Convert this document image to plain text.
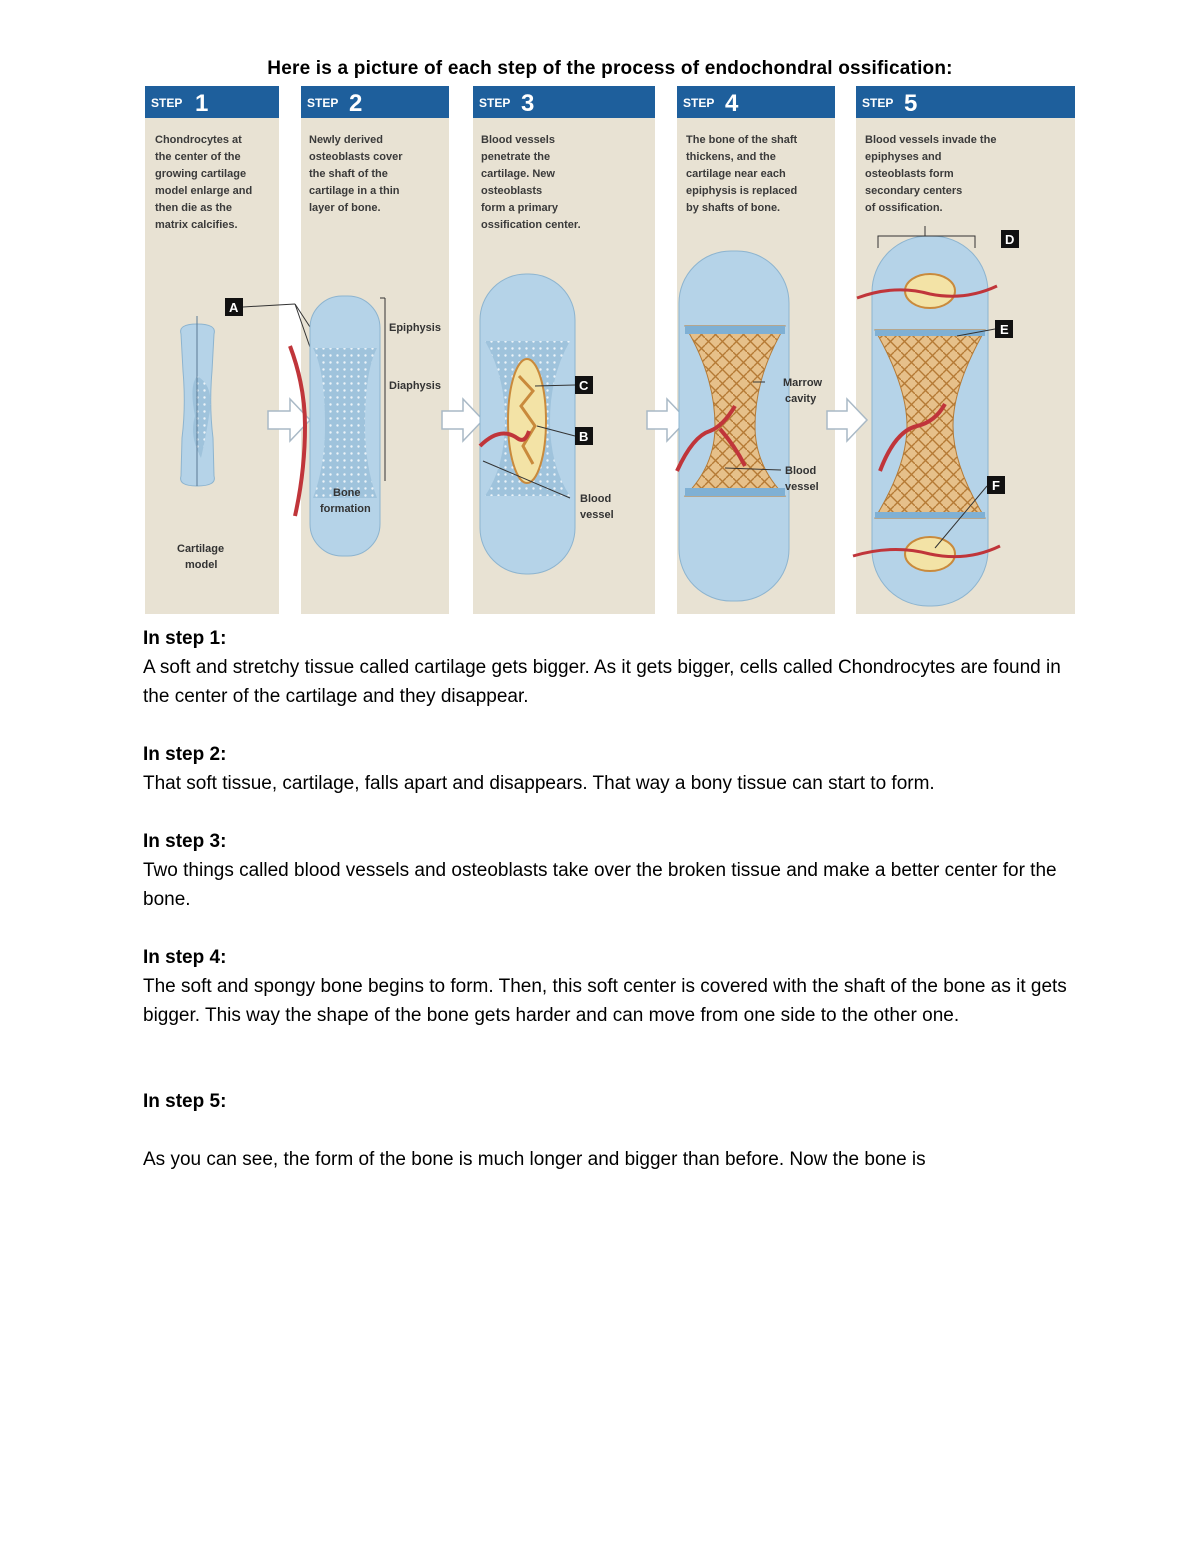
Here is a picture of each step of the process of endochondral ossification:
STEP 1	STEP 2	STEP 3	STEP 4	STEP 5
Chondrocytes at
the center of the
growing cartilage
model enlarge and
then die as the
matrix calcifies.
Newly derived
osteoblasts cover
the shaft of the
cartilage in a thin
layer of bone.
Blood vessels
penetrate the
cartilage. New
osteoblasts
form a primary
ossification center.
The bone of the shaft
thickens, and the
cartilage near each
epiphysis is replaced
by shafts of bone.
Blood vessels invade the
epiphyses and
osteoblasts form
secondary centers
of ossification.
Cartilage
model
A
Epiphysis
Diaphysis
Bone
formation
C
B
Blood
vessel
Marrow
cavity
Blood
vessel
D
E
F

In step 1:

A soft and stretchy tissue called cartilage gets bigger. As it gets bigger, cells called Chondrocytes are found in the center of the cartilage and they disappear.

In step 2:

That soft tissue, cartilage, falls apart and disappears. That way a bony tissue can start to form.

In step 3:

Two things called blood vessels and osteoblasts take over the broken tissue and make a better center for the bone.

In step 4:

The soft and spongy bone begins to form. Then, this soft center is covered with the shaft of the bone as it gets bigger. This way the shape of the bone gets harder and can move from one side to the other one.

In step 5:

As you can see, the form of the bone is much longer and bigger than before. Now the bone is
